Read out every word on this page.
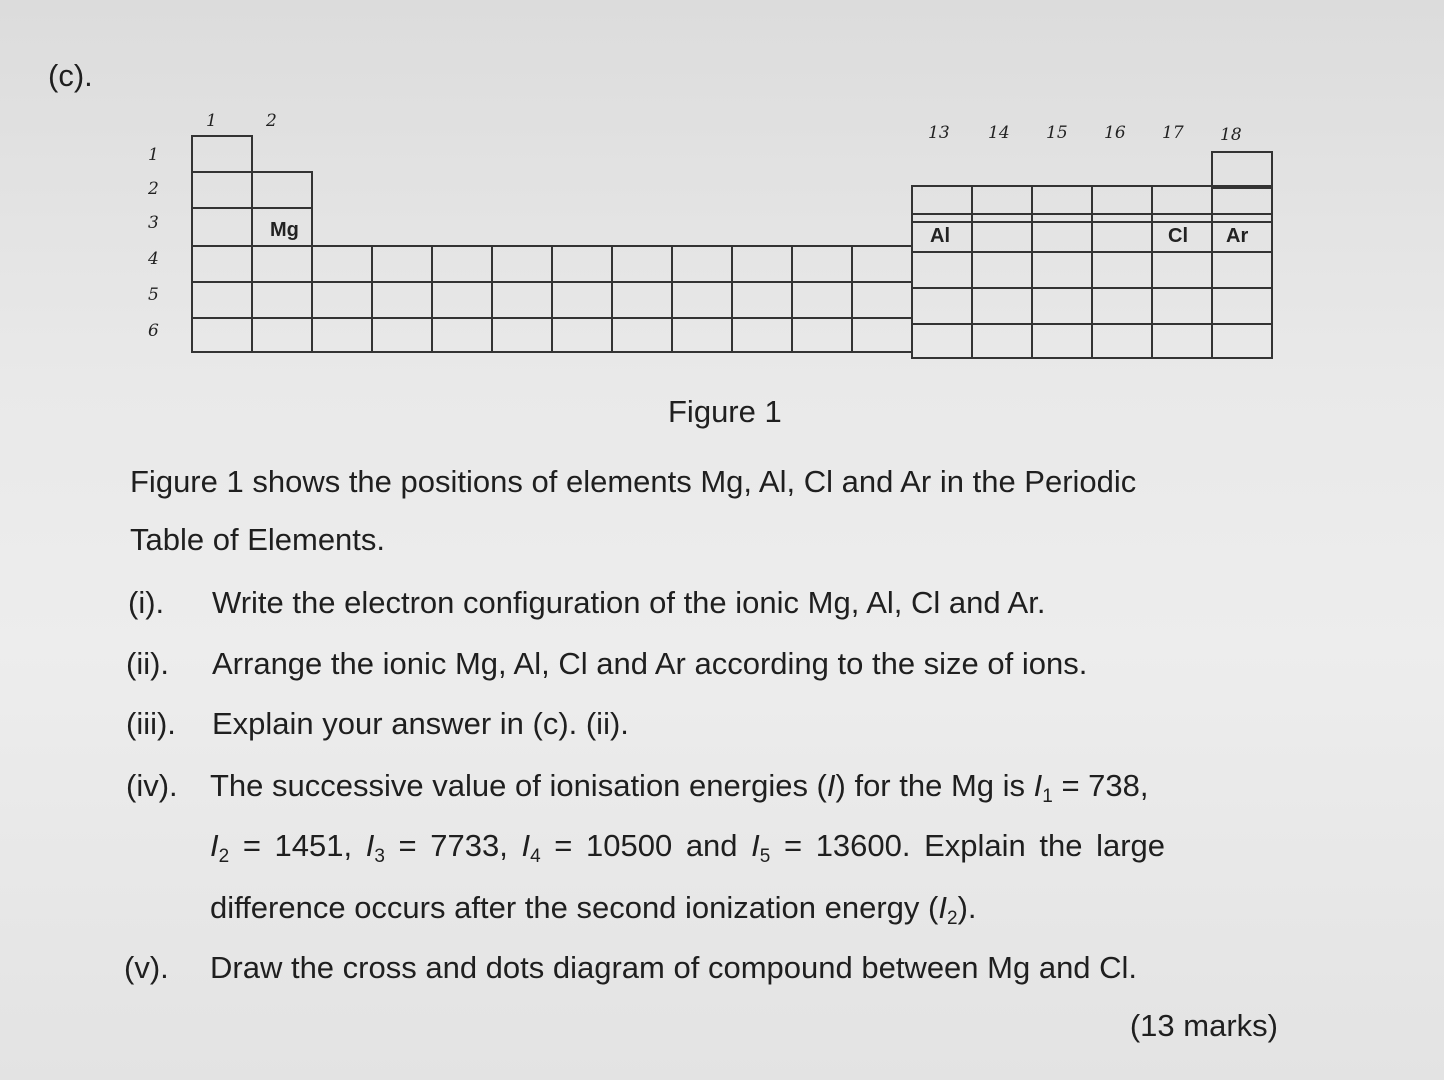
(c).
1	2
13 14 15 16 17 18
1
2
3
4
5
6
Mg	Al	Cl Ar
Figure 1
Figure 1 shows the positions of elements Mg, Al, Cl and Ar in the Periodic
Table of Elements.
(i). Write the electron configuration of the ionic Mg, Al, Cl and Ar.
(ii). Arrange the ionic Mg, Al, Cl and Ar according to the size of ions.
(iii). Explain your answer in (c). (ii).
(iv). The successive value of ionisation energies (I) for the Mg is $I_1 = 738$,
$I_2 = 1451$, $I_3 = 7733$, $I_4 = 10500$ and $I_5 = 13600$. Explain the large
difference occurs after the second ionization energy $(I_2)$.
(v). Draw the cross and dots diagram of compound between Mg and Cl.
(13 marks)
